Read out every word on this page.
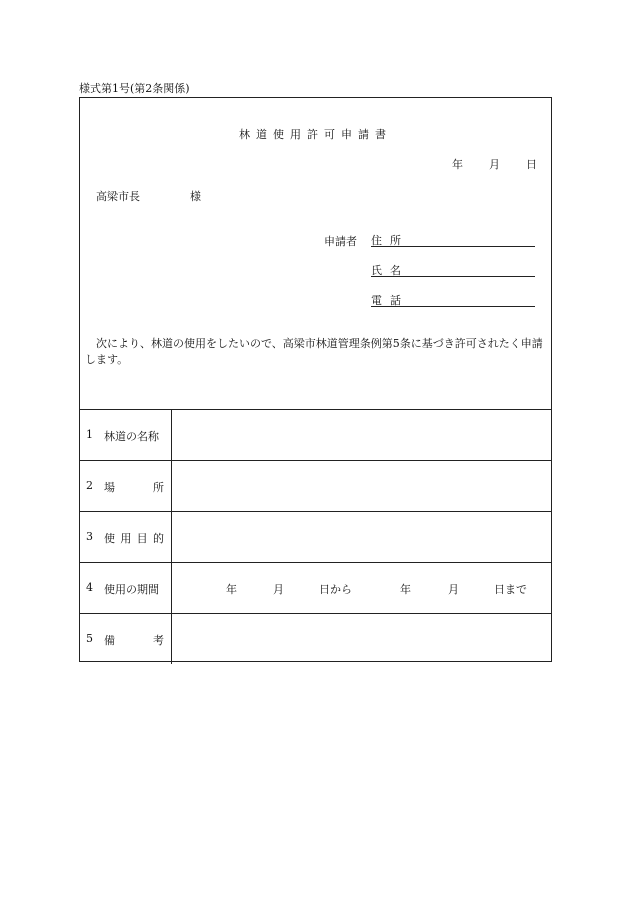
様式第1号(第2条関係)
林道使用許可申請書
年 月 日
高梁市長	様
申請者 住所
氏名
電話
次により、林道の使用をしたいので、高梁市林道管理条例第5条に基づき許可されたく申請します。
1 林道の名称
2 場	所
3 使 用 目 的
4 使用の期間	年	月	日から	年	月	日まで
5 備	考
